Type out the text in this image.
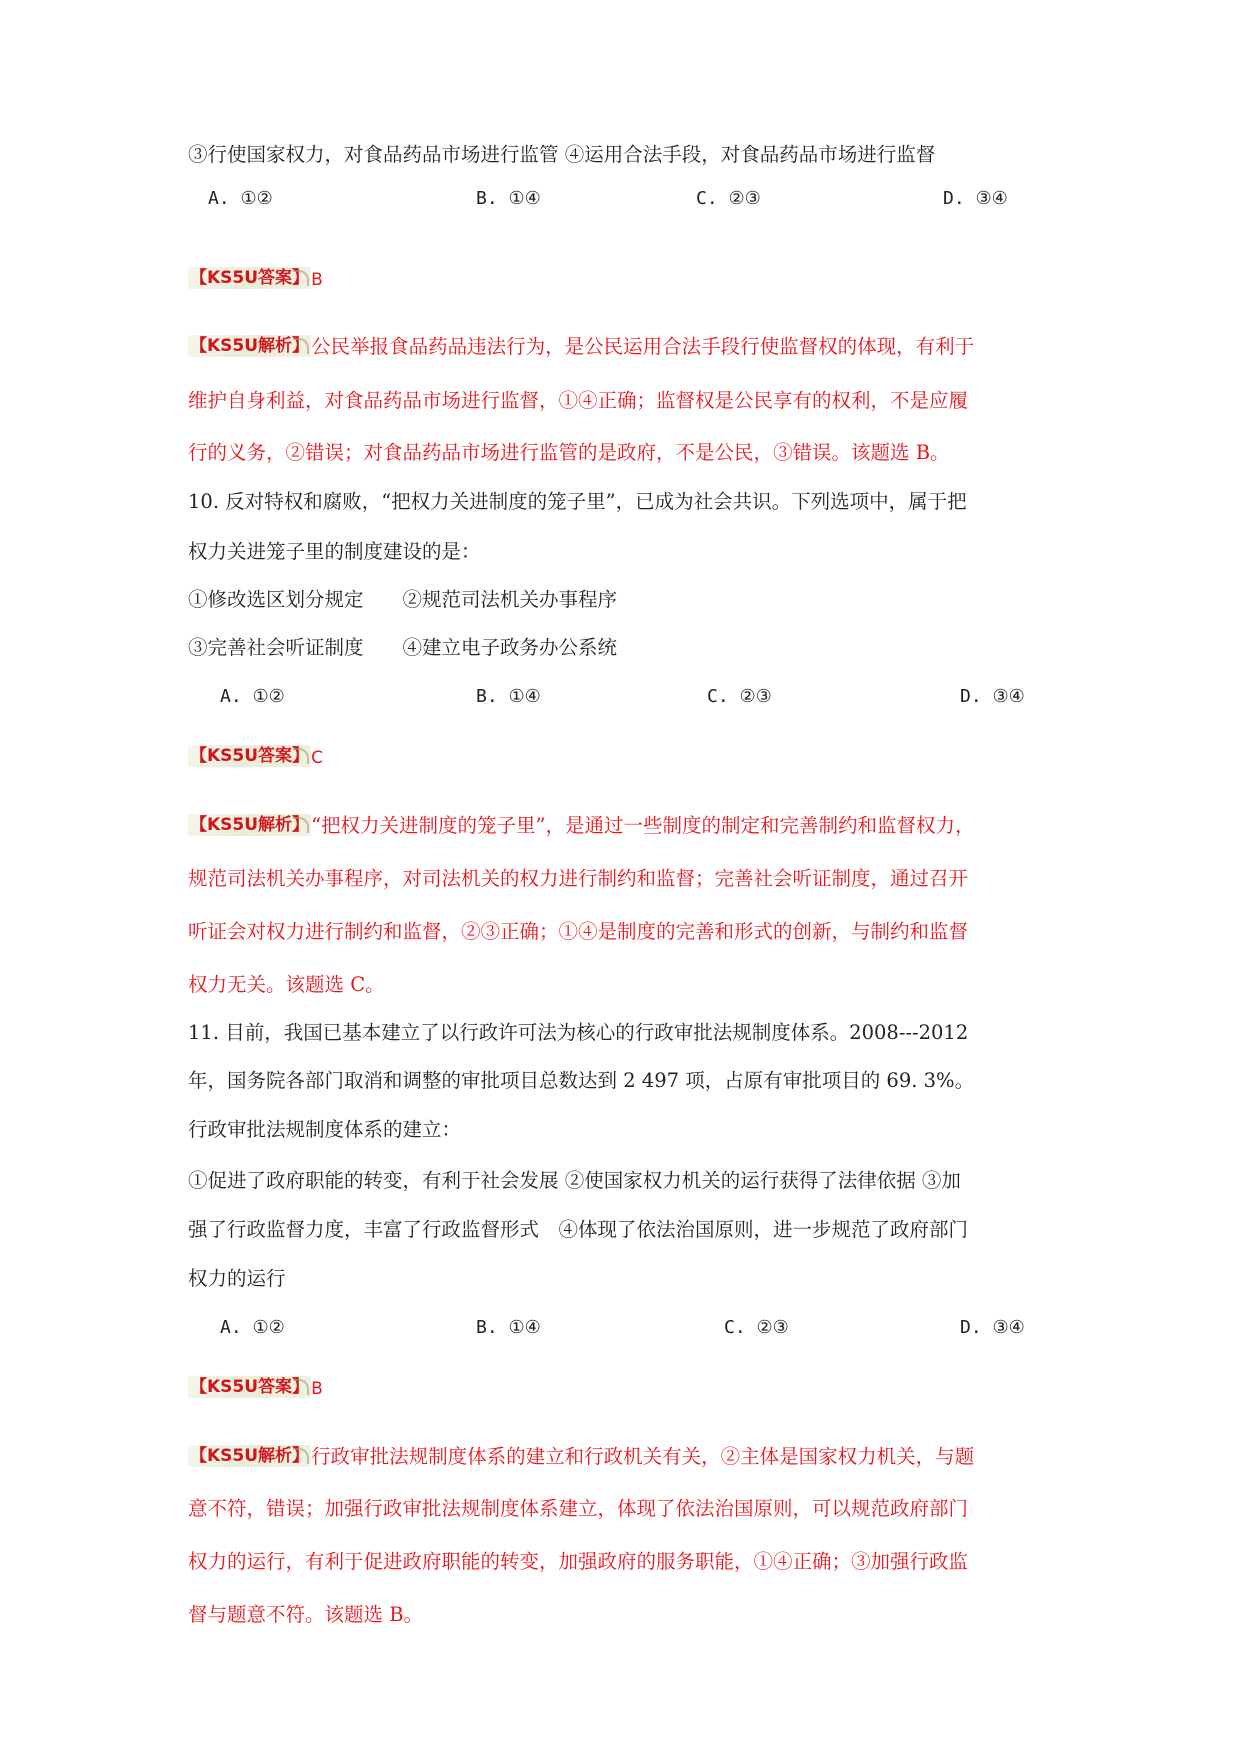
③行使国家权力，对食品药品市场进行监管 ④运用合法手段，对食品药品市场进行监督
A. ①②	B. ①④	C. ②③	D. ③④
【KS5U答案】 B
【KS5U解析】 公民举报食品药品违法行为，是公民运用合法手段行使监督权的体现，有利于
维护自身利益，对食品药品市场进行监督，①④正确；监督权是公民享有的权利，不是应履
行的义务，②错误；对食品药品市场进行监管的是政府，不是公民，③错误。该题选 B。
10. 反对特权和腐败，“把权力关进制度的笼子里”，已成为社会共识。下列选项中，属于把
权力关进笼子里的制度建设的是：
①修改选区划分规定　　②规范司法机关办事程序
③完善社会听证制度　　④建立电子政务办公系统
A. ①②	B. ①④	C. ②③	D. ③④
【KS5U答案】 C
【KS5U解析】 “把权力关进制度的笼子里”，是通过一些制度的制定和完善制约和监督权力，
规范司法机关办事程序，对司法机关的权力进行制约和监督；完善社会听证制度，通过召开
听证会对权力进行制约和监督，②③正确；①④是制度的完善和形式的创新，与制约和监督
权力无关。该题选 C。
11. 目前，我国已基本建立了以行政许可法为核心的行政审批法规制度体系。2008---2012
年，国务院各部门取消和调整的审批项目总数达到 2 497 项，占原有审批项目的 69. 3%。
行政审批法规制度体系的建立：
①促进了政府职能的转变，有利于社会发展 ②使国家权力机关的运行获得了法律依据 ③加
强了行政监督力度，丰富了行政监督形式　④体现了依法治国原则，进一步规范了政府部门
权力的运行
A. ①②	B. ①④	C. ②③	D. ③④
【KS5U答案】 B
【KS5U解析】 行政审批法规制度体系的建立和行政机关有关，②主体是国家权力机关，与题
意不符，错误；加强行政审批法规制度体系建立，体现了依法治国原则，可以规范政府部门
权力的运行，有利于促进政府职能的转变，加强政府的服务职能，①④正确；③加强行政监
督与题意不符。该题选 B。
